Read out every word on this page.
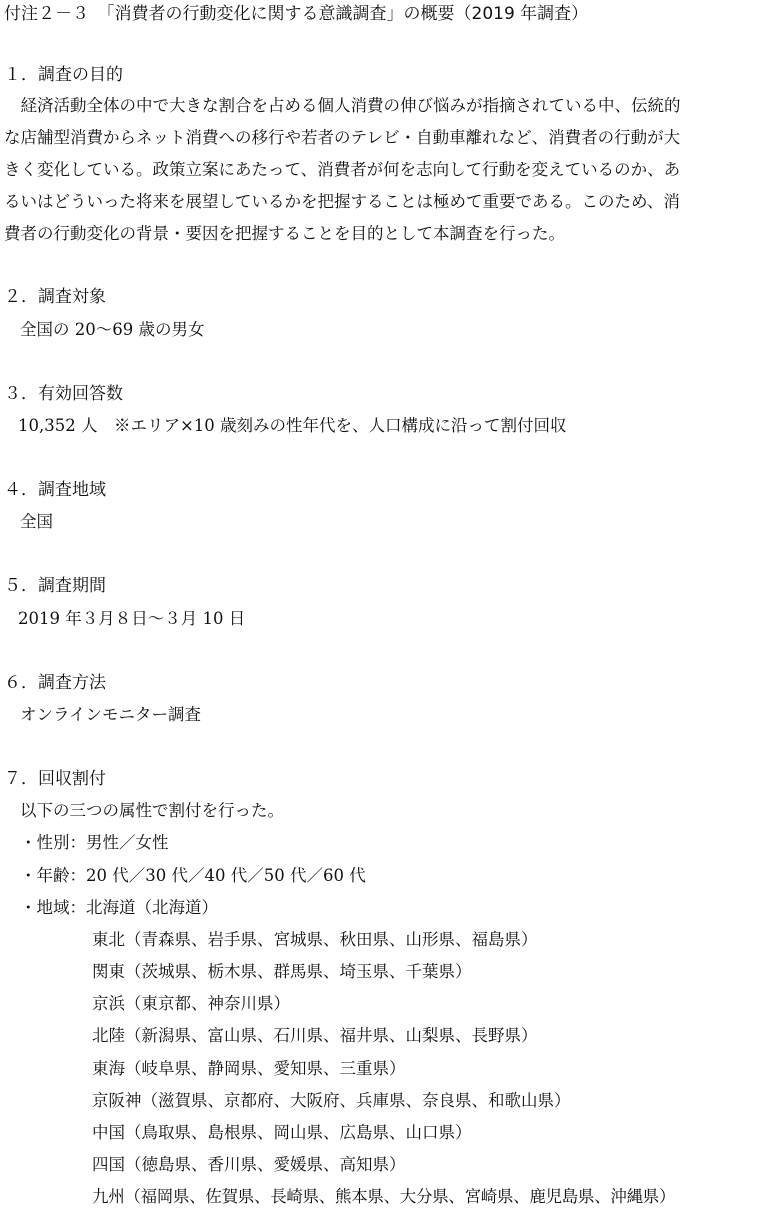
付注２－３　「消費者の行動変化に関する意識調査」の概要（2019 年調査）
１．調査の目的
　経済活動全体の中で大きな割合を占める個人消費の伸び悩みが指摘されている中、伝統的
な店舗型消費からネット消費への移行や若者のテレビ・自動車離れなど、消費者の行動が大
きく変化している。政策立案にあたって、消費者が何を志向して行動を変えているのか、あ
るいはどういった将来を展望しているかを把握することは極めて重要である。このため、消
費者の行動変化の背景・要因を把握することを目的として本調査を行った。
２．調査対象
全国の 20～69 歳の男女
３．有効回答数
10,352 人　※エリア×10 歳刻みの性年代を、人口構成に沿って割付回収
４．調査地域
全国
５．調査期間
2019 年３月８日～３月 10 日
６．調査方法
オンラインモニター調査
７．回収割付
以下の三つの属性で割付を行った。
・性別：男性／女性
・年齢：20 代／30 代／40 代／50 代／60 代
・地域：北海道（北海道）
東北（青森県、岩手県、宮城県、秋田県、山形県、福島県）
関東（茨城県、栃木県、群馬県、埼玉県、千葉県）
京浜（東京都、神奈川県）
北陸（新潟県、富山県、石川県、福井県、山梨県、長野県）
東海（岐阜県、静岡県、愛知県、三重県）
京阪神（滋賀県、京都府、大阪府、兵庫県、奈良県、和歌山県）
中国（鳥取県、島根県、岡山県、広島県、山口県）
四国（徳島県、香川県、愛媛県、高知県）
九州（福岡県、佐賀県、長崎県、熊本県、大分県、宮崎県、鹿児島県、沖縄県）
